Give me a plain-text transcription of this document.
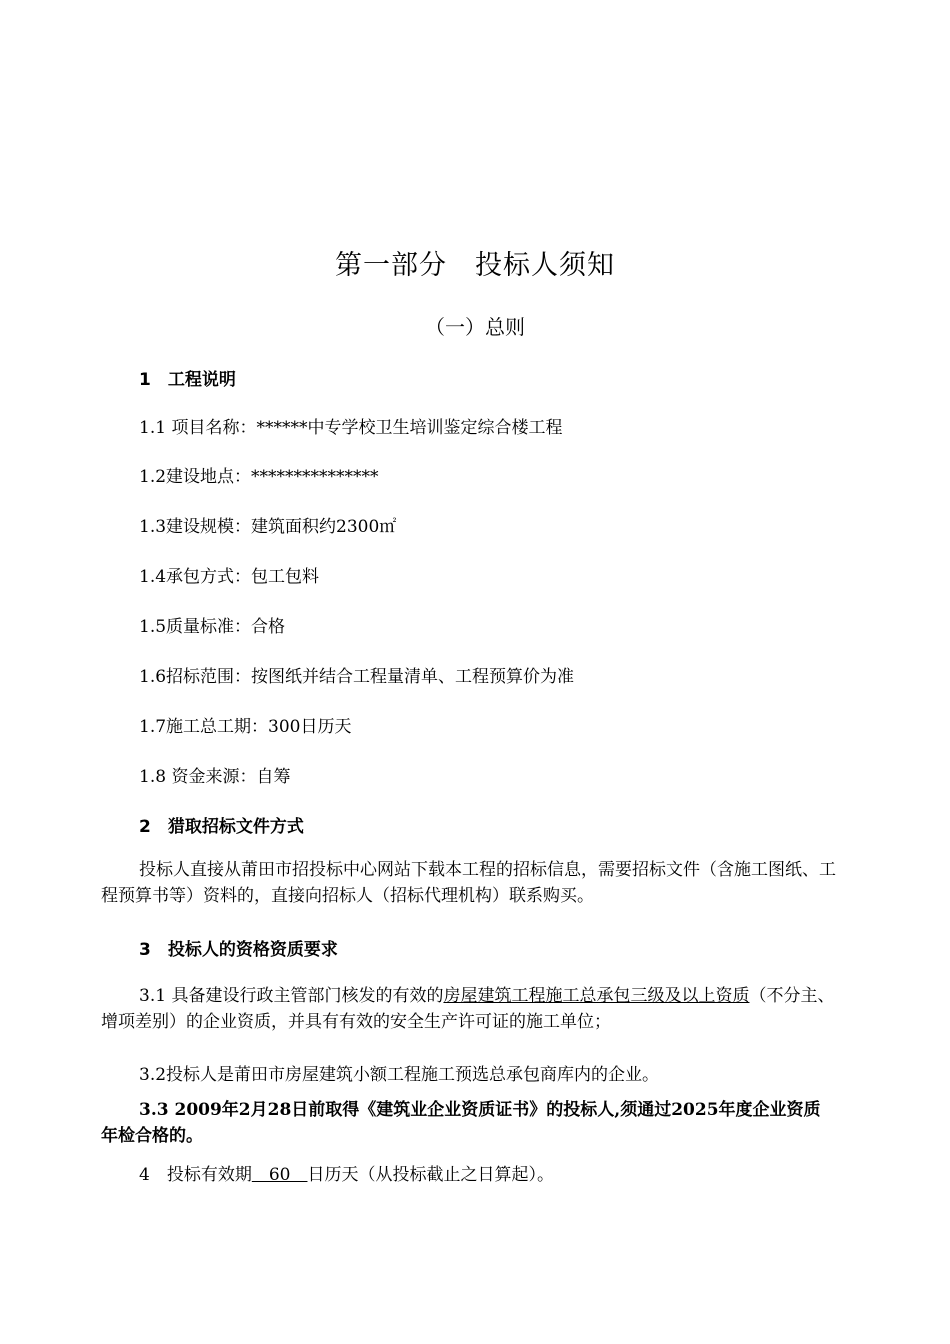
第一部分　投标人须知
（一）总则
1　工程说明
1.1 项目名称：******中专学校卫生培训鉴定综合楼工程
1.2建设地点：***************
1.3建设规模：建筑面积约2300㎡
1.4承包方式：包工包料
1.5质量标准：合格
1.6招标范围：按图纸并结合工程量清单、工程预算价为准
1.7施工总工期：300日历天
1.8 资金来源：自筹
2　猎取招标文件方式
投标人直接从莆田市招投标中心网站下载本工程的招标信息，需要招标文件（含施工图纸、工程预算书等）资料的，直接向招标人（招标代理机构）联系购买。
3　投标人的资格资质要求
3.1 具备建设行政主管部门核发的有效的房屋建筑工程施工总承包三级及以上资质（不分主、增项差别）的企业资质，并具有有效的安全生产许可证的施工单位；
3.2投标人是莆田市房屋建筑小额工程施工预选总承包商库内的企业。
3.3 2009年2月28日前取得《建筑业企业资质证书》的投标人,须通过2025年度企业资质年检合格的。
4　投标有效期　60　日历天（从投标截止之日算起）。
